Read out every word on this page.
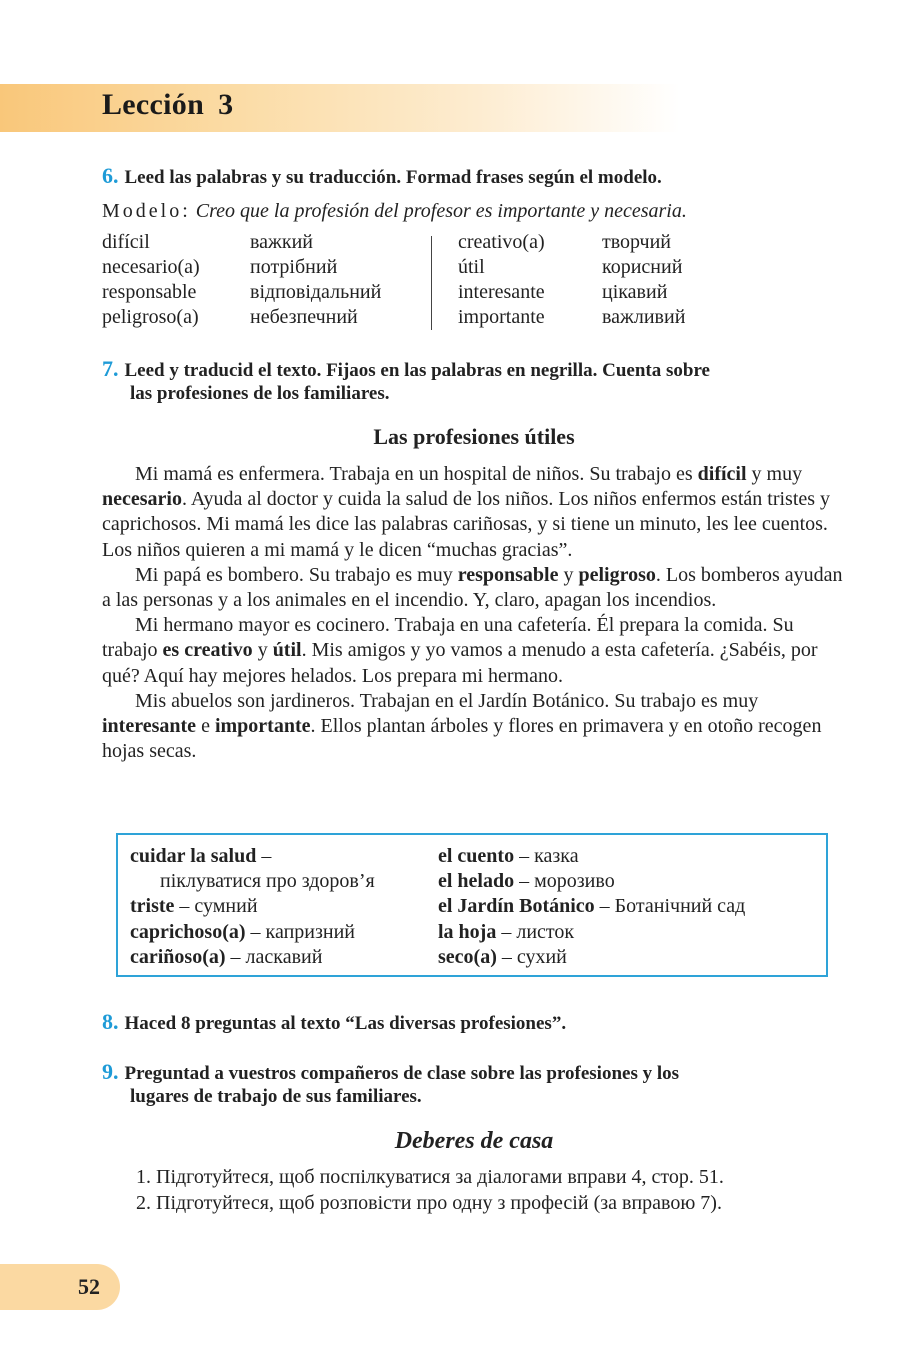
Lección 3
6. Leed las palabras y su traducción. Formad frases según el modelo.
Modelo: Creo que la profesión del profesor es importante y necesaria.
difícil	важкий
necesario(a)	потрібний
responsable	відповідальний
peligroso(a)	небезпечний
creativo(a)	творчий
útil	корисний
interesante	цікавий
importante	важливий
7. Leed y traducid el texto. Fijaos en las palabras en negrilla. Cuenta sobre
las profesiones de los familiares.
Las profesiones útiles

Mi mamá es enfermera. Trabaja en un hospital de niños. Su trabajo es difícil y muy necesario. Ayuda al doctor y cuida la salud de los niños. Los niños enfermos están tristes y caprichosos. Mi mamá les dice las palabras cariñosas, y si tiene un minuto, les lee cuentos. Los niños quieren a mi mamá y le dicen “muchas gracias”.

Mi papá es bombero. Su trabajo es muy responsable y peligroso. Los bomberos ayudan a las personas y a los animales en el incendio. Y, claro, apagan los incendios.

Mi hermano mayor es cocinero. Trabaja en una cafetería. Él prepara la comida. Su trabajo es creativo y útil. Mis amigos y yo vamos a menudo a esta cafetería. ¿Sabéis, por qué? Aquí hay mejores helados. Los prepara mi hermano.

Mis abuelos son jardineros. Trabajan en el Jardín Botánico. Su trabajo es muy interesante e importante. Ellos plantan árboles y flores en primavera y en otoño recogen hojas secas.

cuidar la salud –
піклуватися про здоров’я
triste – сумний
caprichoso(a) – капризний
cariñoso(a) – ласкавий
el cuento – казка
el helado – морозиво
el Jardín Botánico – Ботанічний сад
la hoja – листок
seco(a) – сухий
8. Haced 8 preguntas al texto “Las diversas profesiones”.
9. Preguntad a vuestros compañeros de clase sobre las profesiones y los
lugares de trabajo de sus familiares.
Deberes de casa
1. Підготуйтеся, щоб поспілкуватися за діалогами вправи 4, стор. 51.
2. Підготуйтеся, щоб розповісти про одну з професій (за вправою 7).
52
